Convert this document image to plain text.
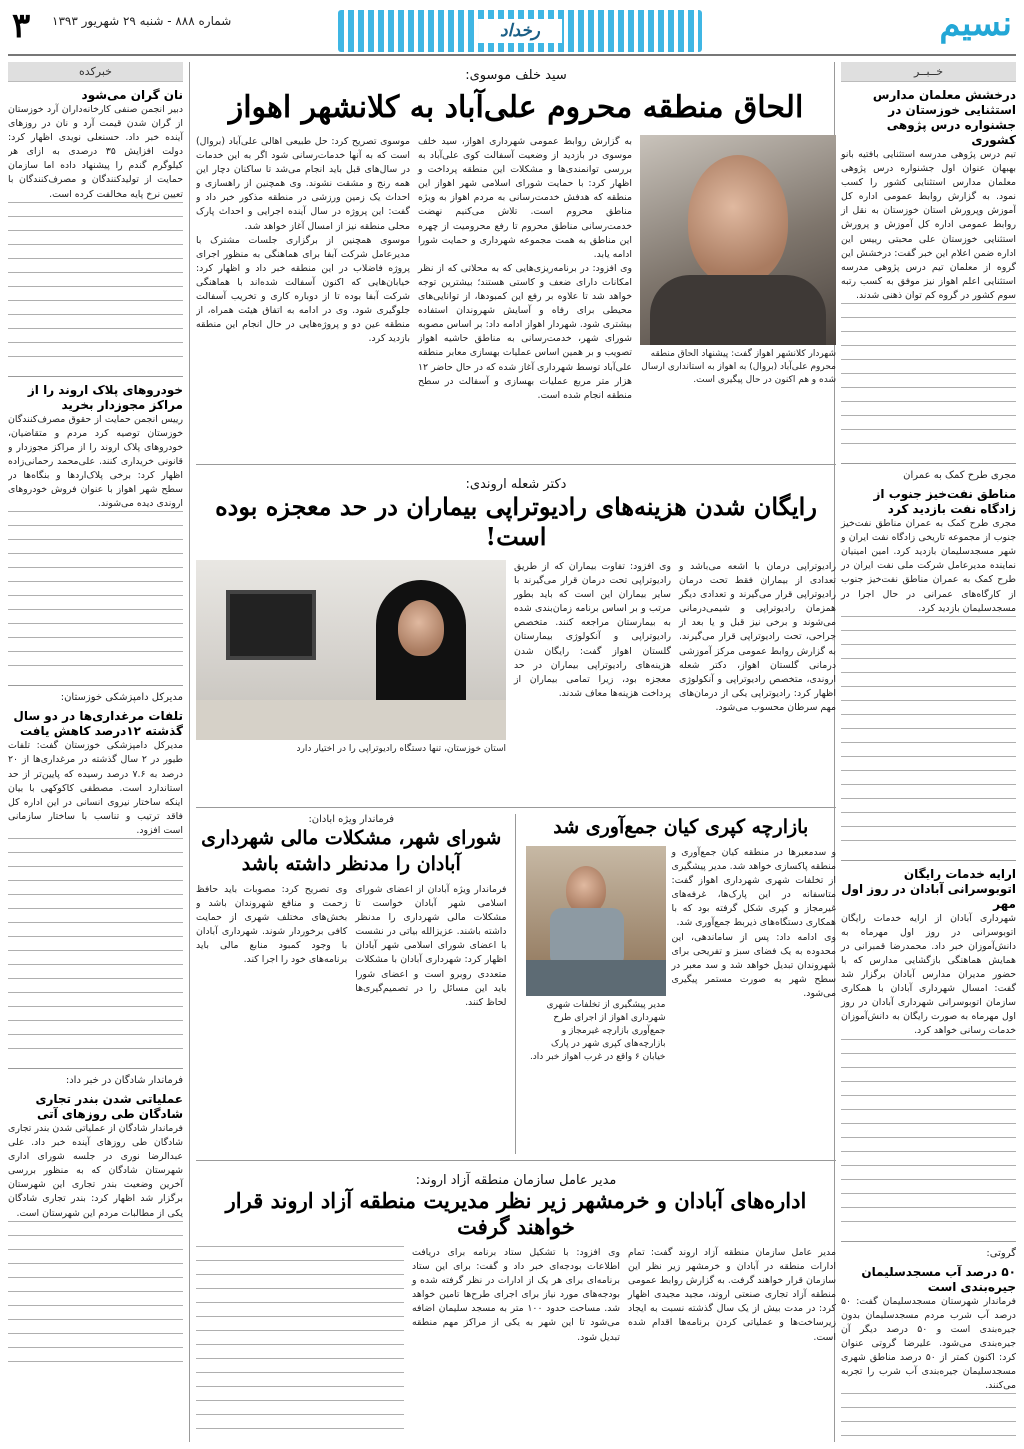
نسیم
رخداد
شماره ۸۸۸ - شنبه ۲۹ شهریور ۱۳۹۳
۳
خــبــر
درخشش معلمان مدارس استثنایی خوزستان در جشنواره درس پژوهی کشوری

تیم درس پژوهی مدرسه استثنایی بافتیه بانو بهبهان عنوان اول جشنواره درس پژوهی معلمان مدارس استثنایی کشور را کسب نمود. به گزارش روابط عمومی اداره کل آموزش وپرورش استان خوزستان به نقل از روابط عمومی اداره کل آموزش و پرورش استثنایی خوزستان علی محبتی رییس این اداره ضمن اعلام این خبر گفت: درخشش این گروه از معلمان تیم درس پژوهی مدرسه استثنایی اعلم اهواز نیز موفق به کسب رتبه سوم کشور در گروه کم توان ذهنی شدند.

مجری طرح کمک به عمران
مناطق نفت‌خیز جنوب از زادگاه نفت بازدید کرد

مجری طرح کمک به عمران مناطق نفت‌خیز جنوب از مجموعه تاریخی زادگاه نفت ایران و شهر مسجدسلیمان بازدید کرد. امین امینیان نماینده مدیرعامل شرکت ملی نفت ایران در طرح کمک به عمران مناطق نفت‌خیز جنوب از کارگاه‌های عمرانی در حال اجرا در مسجدسلیمان بازدید کرد.

ارایه خدمات رایگان اتوبوسرانی آبادان در روز اول مهر

شهرداری آبادان از ارایه خدمات رایگان اتوبوسرانی در روز اول مهرماه به دانش‌آموزان خبر داد. محمدرضا قمبرانی در همایش هماهنگی بازگشایی مدارس که با حضور مدیران مدارس آبادان برگزار شد گفت: امسال شهرداری آبادان با همکاری سازمان اتوبوسرانی شهرداری آبادان در روز اول مهرماه به صورت رایگان به دانش‌آموزان خدمات رسانی خواهد کرد.

گروتی:
۵۰ درصد آب مسجدسلیمان جیره‌بندی است

فرماندار شهرستان مسجدسلیمان گفت: ۵۰ درصد آب شرب مردم مسجدسلیمان بدون جیره‌بندی است و ۵۰ درصد دیگر آن جیره‌بندی می‌شود. علیرضا گروتی عنوان کرد: اکنون کمتر از ۵۰ درصد مناطق شهری مسجدسلیمان جیره‌بندی آب شرب را تجربه می‌کنند.

خبرکده
نان گران می‌شود

دبیر انجمن صنفی کارخانه‌داران آرد خوزستان از گران شدن قیمت آرد و نان در روزهای آینده خبر داد. حسنعلی نویدی اظهار کرد: دولت افزایش ۳۵ درصدی به ازای هر کیلوگرم گندم را پیشنهاد داده اما سازمان حمایت از تولیدکنندگان و مصرف‌کنندگان با تعیین نرخ پایه مخالفت کرده است.

خودروهای پلاک اروند را از مراکز مجوزدار بخرید

رییس انجمن حمایت از حقوق مصرف‌کنندگان خوزستان توصیه کرد مردم و متقاضیان، خودروهای پلاک اروند را از مراکز مجوزدار و قانونی خریداری کنند. علی‌محمد رحمانی‌زاده اظهار کرد: برخی پلاک‌اردها و بنگاه‌ها در سطح شهر اهواز با عنوان فروش خودروهای اروندی دیده می‌شوند.

مدیرکل دامپزشکی خوزستان:
تلفات مرغداری‌ها در دو سال گذشته ۱۲درصد کاهش یافت

مدیرکل دامپزشکی خوزستان گفت: تلفات طیور در ۲ سال گذشته در مرغداری‌ها از ۲۰ درصد به ۷.۶ درصد رسیده که پایین‌تر از حد استاندارد است. مصطفی کاکوکهی با بیان اینکه ساختار نیروی انسانی در این اداره کل فاقد ترتیب و تناسب با ساختار سازمانی است افزود.

فرماندار شادگان در خبر داد:
عملیاتی شدن بندر تجاری شادگان طی روزهای آتی

فرماندار شادگان از عملیاتی شدن بندر تجاری شادگان طی روزهای آینده خبر داد. علی عبدالرضا نوری در جلسه شورای اداری شهرستان شادگان که به منظور بررسی آخرین وضعیت بندر تجاری این شهرستان برگزار شد اظهار کرد: بندر تجاری شادگان یکی از مطالبات مردم این شهرستان است.

سید خلف موسوی:
الحاق منطقه محروم علی‌آباد به کلانشهر اهواز

شهردار کلانشهر اهواز گفت: پیشنهاد الحاق منطقه محروم علی‌آباد (بروال) به اهواز به استانداری ارسال شده و هم اکنون در حال پیگیری است.

به گزارش روابط عمومی شهرداری اهواز، سید خلف موسوی در بازدید از وضعیت آسفالت کوی علی‌آباد به بررسی توانمندی‌ها و مشکلات این منطقه پرداخت و اظهار کرد: با حمایت شورای اسلامی شهر اهواز این منطقه که هدفش خدمت‌رسانی به مردم اهواز به ویژه مناطق محروم است. تلاش می‌کنیم نهضت خدمت‌رسانی مناطق محروم تا رفع محرومیت از چهره این مناطق به همت مجموعه شهرداری و حمایت شورا ادامه یابد.

وی افزود: در برنامه‌ریزی‌هایی که به محلاتی که از نظر امکانات دارای ضعف و کاستی هستند؛ بیشترین توجه خواهد شد تا علاوه بر رفع این کمبودها، از توانایی‌های محیطی برای رفاه و آسایش شهروندان استفاده بیشتری شود. شهردار اهواز ادامه داد: بر اساس مصوبه شورای شهر، خدمت‌رسانی به مناطق حاشیه اهواز تصویب و بر همین اساس عملیات بهسازی معابر منطقه علی‌آباد توسط شهرداری آغاز شده که در حال حاضر ۱۲ هزار متر مربع عملیات بهسازی و آسفالت در سطح منطقه انجام شده است.

موسوی تصریح کرد: حل طبیعی اهالی علی‌آباد (بروال) است که به آنها خدمات‌رسانی شود اگر به این خدمات در سال‌های قبل باید انجام می‌شد تا ساکنان دچار این همه رنج و مشقت نشوند. وی همچنین از راهسازی و احداث یک زمین ورزشی در منطقه مذکور خبر داد و گفت: این پروژه در سال آینده اجرایی و احداث پارک محلی منطقه نیز از امسال آغاز خواهد شد.

موسوی همچنین از برگزاری جلسات مشترک با مدیرعامل شرکت آبفا برای هماهنگی به منظور اجرای پروژه فاضلاب در این منطقه خبر داد و اظهار کرد: خیابان‌هایی که اکنون آسفالت شده‌اند با هماهنگی شرکت آبفا بوده تا از دوباره کاری و تخریب آسفالت جلوگیری شود. وی در ادامه به اتفاق هیئت همراه، از منطقه عین دو و پروژه‌هایی در حال انجام این منطقه بازدید کرد.

دکتر شعله اروندی:
رایگان شدن هزینه‌های رادیوتراپی بیماران در حد معجزه بوده است!

رادیوتراپی درمان با اشعه می‌باشد و تعدادی از بیماران فقط تحت درمان رادیوتراپی قرار می‌گیرند و تعدادی دیگر همزمان رادیوتراپی و شیمی‌درمانی می‌شوند و برخی نیز قبل و یا بعد از جراحی، تحت رادیوتراپی قرار می‌گیرند. به گزارش روابط عمومی مرکز آموزشی درمانی گلستان اهواز، دکتر شعله اروندی، متخصص رادیوتراپی و آنکولوژی اظهار کرد: رادیوتراپی یکی از درمان‌های مهم سرطان محسوب می‌شود.

وی افزود: تفاوت بیماران که از طریق رادیوتراپی تحت درمان قرار می‌گیرند با سایر بیماران این است که باید بطور مرتب و بر اساس برنامه زمان‌بندی شده به بیمارستان مراجعه کنند. متخصص رادیوتراپی و آنکولوژی بیمارستان گلستان اهواز گفت: رایگان شدن هزینه‌های رادیوتراپی بیماران در حد معجزه بود، زیرا تمامی بیماران از پرداخت هزینه‌ها معاف شدند.

استان خوزستان، تنها دستگاه رادیوتراپی را در اختیار دارد

بازارچه کپری کیان جمع‌آوری شد

و سدمعبرها در منطقه کیان جمع‌آوری و منطقه پاکسازی خواهد شد. مدیر پیشگیری از تخلفات شهری شهرداری اهواز گفت: متاسفانه در این پارک‌ها، غرفه‌های غیرمجاز و کپری شکل گرفته بود که با همکاری دستگاه‌های ذیربط جمع‌آوری شد.

وی ادامه داد: پس از ساماندهی، این محدوده به یک فضای سبز و تفریحی برای شهروندان تبدیل خواهد شد و سد معبر در سطح شهر به صورت مستمر پیگیری می‌شود.

مدیر پیشگیری از تخلفات شهری شهرداری اهواز از اجرای طرح جمع‌آوری بازارچه غیرمجاز و بازارچه‌های کپری شهر در پارک خیابان ۶ واقع در غرب اهواز خبر داد.

فرماندار ویژه آبادان:
شورای شهر، مشکلات مالی شهرداری آبادان را مدنظر داشته باشد

فرماندار ویژه آبادان از اعضای شورای اسلامی شهر آبادان خواست تا مشکلات مالی شهرداری را مدنظر داشته باشند. عزیزالله بیاتی در نشست با اعضای شورای اسلامی شهر آبادان اظهار کرد: شهرداری آبادان با مشکلات متعددی روبرو است و اعضای شورا باید این مسائل را در تصمیم‌گیری‌ها لحاظ کنند.

وی تصریح کرد: مصوبات باید حافظ زحمت و منافع شهروندان باشد و بخش‌های مختلف شهری از حمایت کافی برخوردار شوند. شهرداری آبادان با وجود کمبود منابع مالی باید برنامه‌های خود را اجرا کند.

مدیر عامل سازمان منطقه آزاد اروند:
اداره‌های آبادان و خرمشهر زیر نظر مدیریت منطقه آزاد اروند قرار خواهند گرفت

مدیر عامل سازمان منطقه آزاد اروند گفت: تمام ادارات منطقه در آبادان و خرمشهر زیر نظر این سازمان قرار خواهند گرفت. به گزارش روابط عمومی منطقه آزاد تجاری صنعتی اروند، مجید مجیدی اظهار کرد: در مدت بیش از یک سال گذشته نسبت به ایجاد زیرساخت‌ها و عملیاتی کردن برنامه‌ها اقدام شده است.

وی افزود: با تشکیل ستاد برنامه برای دریافت اطلاعات بودجه‌ای خبر داد و گفت: برای این ستاد برنامه‌ای برای هر یک از ادارات در نظر گرفته شده و بودجه‌های مورد نیاز برای اجرای طرح‌ها تامین خواهد شد. مساحت حدود ۱۰۰ متر به مسجد سلیمان اضافه می‌شود تا این شهر به یکی از مراکز مهم منطقه تبدیل شود.
